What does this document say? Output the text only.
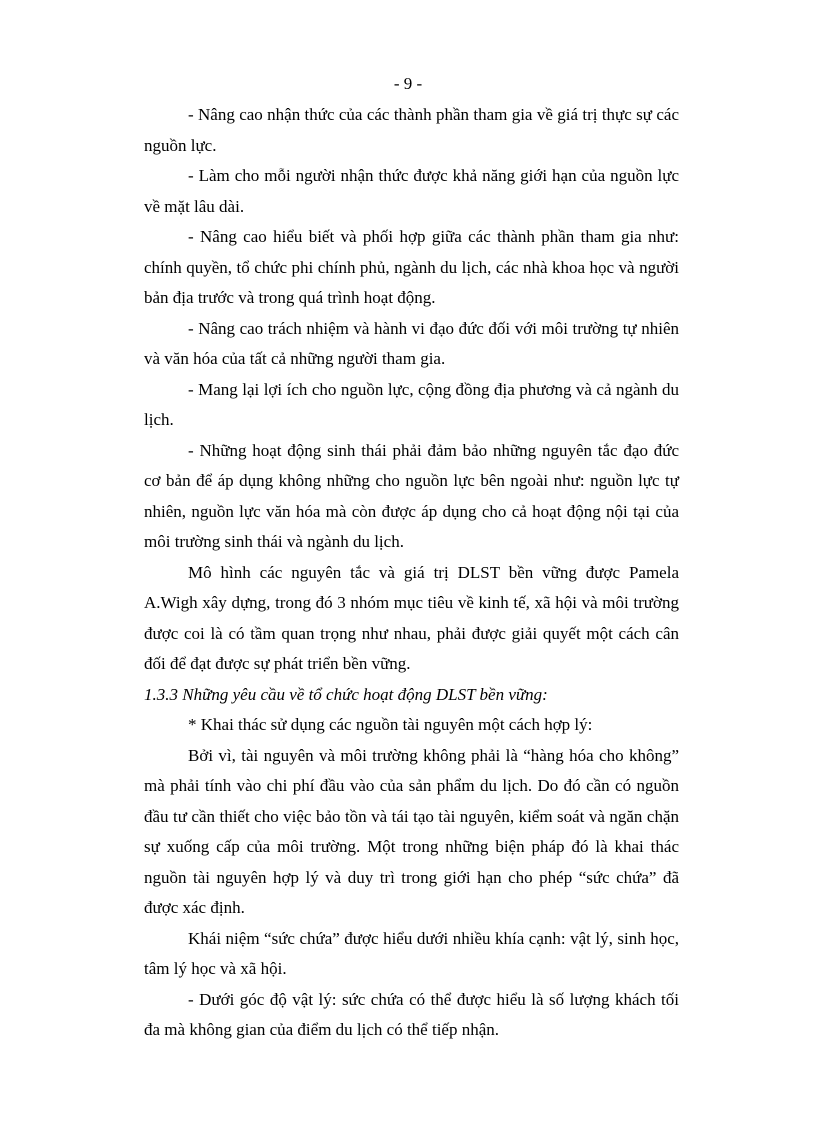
- 9 -

- Nâng cao nhận thức của các thành phần tham gia về giá trị thực sự các nguồn lực.

- Làm cho mỗi người nhận thức được khả năng giới hạn của nguồn lực về mặt lâu dài.

- Nâng cao hiểu biết và phối hợp giữa các thành phần tham gia như: chính quyền, tổ chức phi chính phủ, ngành du lịch, các nhà khoa học và người bản địa trước và trong quá trình hoạt động.

- Nâng cao trách nhiệm và hành vi đạo đức đối với môi trường tự nhiên và văn hóa của tất cả những người tham gia.

- Mang lại lợi ích cho nguồn lực, cộng đồng địa phương và cả ngành du lịch.

- Những hoạt động sinh thái phải đảm bảo những nguyên tắc đạo đức cơ bản để áp dụng không những cho nguồn lực bên ngoài như: nguồn lực tự nhiên, nguồn lực văn hóa mà còn được áp dụng cho cả hoạt động nội tại của môi trường sinh thái và ngành du lịch.

Mô hình các nguyên tắc và giá trị DLST bền vững được Pamela A.Wigh xây dựng, trong đó 3 nhóm mục tiêu về kinh tế, xã hội và môi trường được coi là có tầm quan trọng như nhau, phải được giải quyết một cách cân đối để đạt được sự phát triển bền vững.

1.3.3 Những yêu cầu về tổ chức hoạt động DLST bền vững:

* Khai thác sử dụng các nguồn tài nguyên một cách hợp lý:

Bởi vì, tài nguyên và môi trường không phải là “hàng hóa cho không” mà phải tính vào chi phí đầu vào của sản phẩm du lịch. Do đó cần có nguồn đầu tư cần thiết cho việc bảo tồn và tái tạo tài nguyên, kiểm soát và ngăn chặn sự xuống cấp của môi trường. Một trong những biện pháp đó là khai thác nguồn tài nguyên hợp lý và duy trì trong giới hạn cho phép “sức chứa” đã được xác định.

Khái niệm “sức chứa” được hiểu dưới nhiều khía cạnh: vật lý, sinh học, tâm lý học và xã hội.

- Dưới góc độ vật lý: sức chứa có thể được hiểu là số lượng khách tối đa mà không gian của điểm du lịch có thể tiếp nhận.
